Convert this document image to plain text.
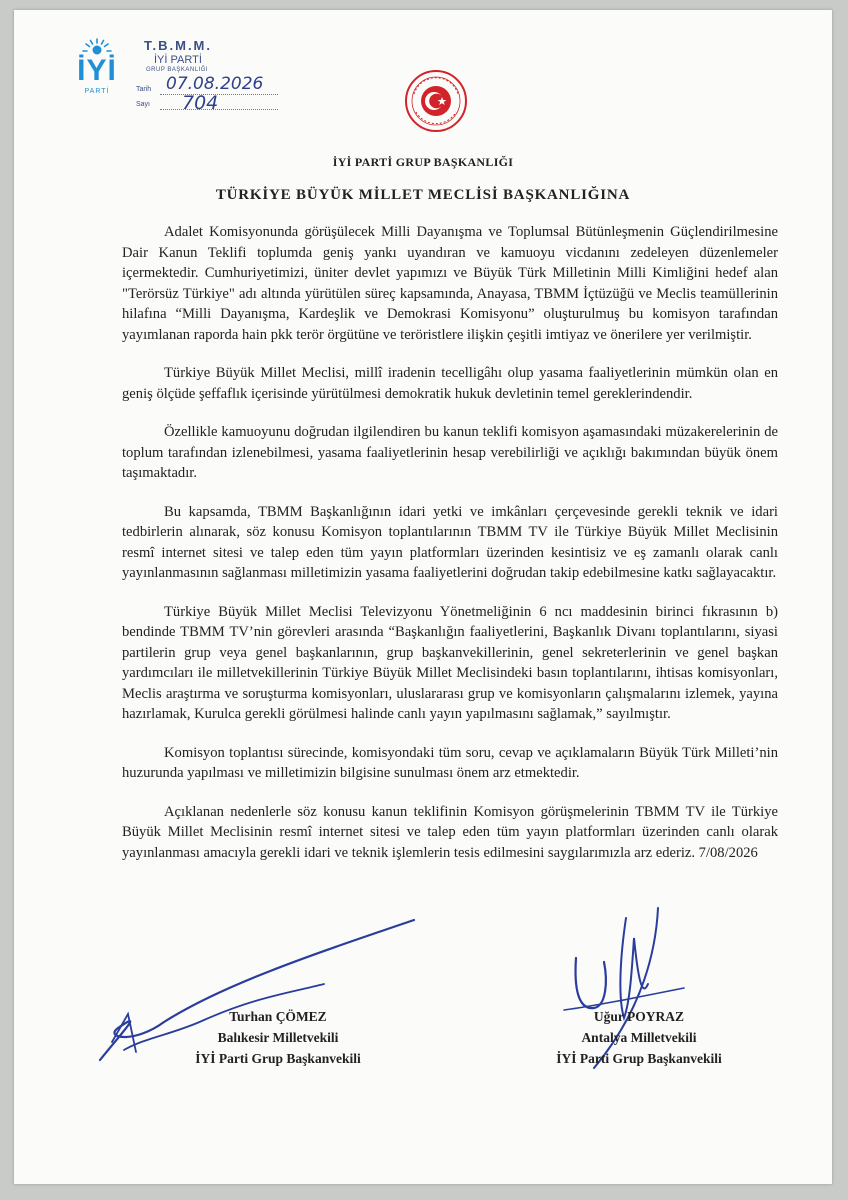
İYİ
PARTİ
T.B.M.M.
İYİ PARTİ
GRUP BAŞKANLIĞI
Tarih 07.08.2026
Sayı 704
İYİ PARTİ GRUP BAŞKANLIĞI
TÜRKİYE BÜYÜK MİLLET MECLİSİ BAŞKANLIĞINA

Adalet Komisyonunda görüşülecek Milli Dayanışma ve Toplumsal Bütünleşmenin Güçlendirilmesine Dair Kanun Teklifi toplumda geniş yankı uyandıran ve kamuoyu vicdanını zedeleyen düzenlemeler içermektedir. Cumhuriyetimizi, üniter devlet yapımızı ve Büyük Türk Milletinin Milli Kimliğini hedef alan "Terörsüz Türkiye" adı altında yürütülen süreç kapsamında, Anayasa, TBMM İçtüzüğü ve Meclis teamüllerinin hilafına “Milli Dayanışma, Kardeşlik ve Demokrasi Komisyonu” oluşturulmuş bu komisyon tarafından yayımlanan raporda hain pkk terör örgütüne ve teröristlere ilişkin çeşitli imtiyaz ve önerilere yer verilmiştir.

Türkiye Büyük Millet Meclisi, millî iradenin tecelligâhı olup yasama faaliyetlerinin mümkün olan en geniş ölçüde şeffaflık içerisinde yürütülmesi demokratik hukuk devletinin temel gereklerindendir.

Özellikle kamuoyunu doğrudan ilgilendiren bu kanun teklifi komisyon aşamasındaki müzakerelerinin de toplum tarafından izlenebilmesi, yasama faaliyetlerinin hesap verebilirliği ve açıklığı bakımından büyük önem taşımaktadır.

Bu kapsamda, TBMM Başkanlığının idari yetki ve imkânları çerçevesinde gerekli teknik ve idari tedbirlerin alınarak, söz konusu Komisyon toplantılarının TBMM TV ile Türkiye Büyük Millet Meclisinin resmî internet sitesi ve talep eden tüm yayın platformları üzerinden kesintisiz ve eş zamanlı olarak canlı yayınlanmasının sağlanması milletimizin yasama faaliyetlerini doğrudan takip edebilmesine katkı sağlayacaktır.

Türkiye Büyük Millet Meclisi Televizyonu Yönetmeliğinin 6 ncı maddesinin birinci fıkrasının b) bendinde TBMM TV’nin görevleri arasında “Başkanlığın faaliyetlerini, Başkanlık Divanı toplantılarını, siyasi partilerin grup veya genel başkanlarının, grup başkanvekillerinin, genel sekreterlerinin ve genel başkan yardımcıları ile milletvekillerinin Türkiye Büyük Millet Meclisindeki basın toplantılarını, ihtisas komisyonları, Meclis araştırma ve soruşturma komisyonları, uluslararası grup ve komisyonların çalışmalarını izlemek, yayına hazırlamak, Kurulca gerekli görülmesi halinde canlı yayın yapılmasını sağlamak,” sayılmıştır.

Komisyon toplantısı sürecinde, komisyondaki tüm soru, cevap ve açıklamaların Büyük Türk Milleti’nin huzurunda yapılması ve milletimizin bilgisine sunulması önem arz etmektedir.

Açıklanan nedenlerle söz konusu kanun teklifinin Komisyon görüşmelerinin TBMM TV ile Türkiye Büyük Millet Meclisinin resmî internet sitesi ve talep eden tüm yayın platformları üzerinden canlı olarak yayınlanması amacıyla gerekli idari ve teknik işlemlerin tesis edilmesini saygılarımızla arz ederiz. 7/08/2026

Turhan ÇÖMEZ
Balıkesir Milletvekili
İYİ Parti Grup Başkanvekili
Uğur POYRAZ
Antalya Milletvekili
İYİ Parti Grup Başkanvekili
